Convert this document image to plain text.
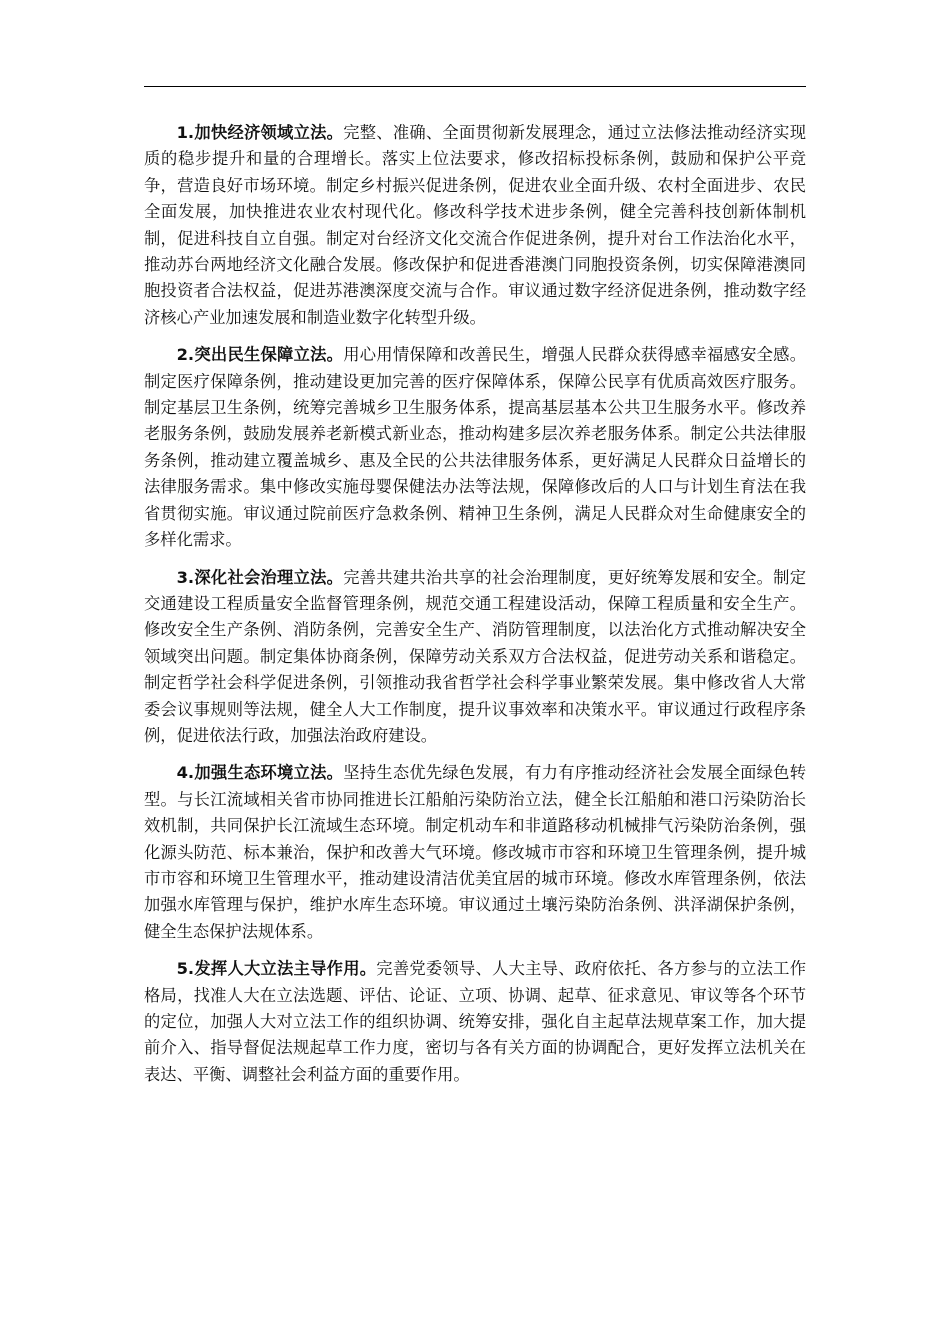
1.加快经济领域立法。完整、准确、全面贯彻新发展理念，通过立法修法推动经济实现质的稳步提升和量的合理增长。落实上位法要求，修改招标投标条例，鼓励和保护公平竞争，营造良好市场环境。制定乡村振兴促进条例，促进农业全面升级、农村全面进步、农民全面发展，加快推进农业农村现代化。修改科学技术进步条例，健全完善科技创新体制机制，促进科技自立自强。制定对台经济文化交流合作促进条例，提升对台工作法治化水平，推动苏台两地经济文化融合发展。修改保护和促进香港澳门同胞投资条例，切实保障港澳同胞投资者合法权益，促进苏港澳深度交流与合作。审议通过数字经济促进条例，推动数字经济核心产业加速发展和制造业数字化转型升级。

2.突出民生保障立法。用心用情保障和改善民生，增强人民群众获得感幸福感安全感。制定医疗保障条例，推动建设更加完善的医疗保障体系，保障公民享有优质高效医疗服务。制定基层卫生条例，统筹完善城乡卫生服务体系，提高基层基本公共卫生服务水平。修改养老服务条例，鼓励发展养老新模式新业态，推动构建多层次养老服务体系。制定公共法律服务条例，推动建立覆盖城乡、惠及全民的公共法律服务体系，更好满足人民群众日益增长的法律服务需求。集中修改实施母婴保健法办法等法规，保障修改后的人口与计划生育法在我省贯彻实施。审议通过院前医疗急救条例、精神卫生条例，满足人民群众对生命健康安全的多样化需求。

3.深化社会治理立法。完善共建共治共享的社会治理制度，更好统筹发展和安全。制定交通建设工程质量安全监督管理条例，规范交通工程建设活动，保障工程质量和安全生产。修改安全生产条例、消防条例，完善安全生产、消防管理制度，以法治化方式推动解决安全领域突出问题。制定集体协商条例，保障劳动关系双方合法权益，促进劳动关系和谐稳定。制定哲学社会科学促进条例，引领推动我省哲学社会科学事业繁荣发展。集中修改省人大常委会议事规则等法规，健全人大工作制度，提升议事效率和决策水平。审议通过行政程序条例，促进依法行政，加强法治政府建设。

4.加强生态环境立法。坚持生态优先绿色发展，有力有序推动经济社会发展全面绿色转型。与长江流域相关省市协同推进长江船舶污染防治立法，健全长江船舶和港口污染防治长效机制，共同保护长江流域生态环境。制定机动车和非道路移动机械排气污染防治条例，强化源头防范、标本兼治，保护和改善大气环境。修改城市市容和环境卫生管理条例，提升城市市容和环境卫生管理水平，推动建设清洁优美宜居的城市环境。修改水库管理条例，依法加强水库管理与保护，维护水库生态环境。审议通过土壤污染防治条例、洪泽湖保护条例，健全生态保护法规体系。

5.发挥人大立法主导作用。完善党委领导、人大主导、政府依托、各方参与的立法工作格局，找准人大在立法选题、评估、论证、立项、协调、起草、征求意见、审议等各个环节的定位，加强人大对立法工作的组织协调、统筹安排，强化自主起草法规草案工作，加大提前介入、指导督促法规起草工作力度，密切与各有关方面的协调配合，更好发挥立法机关在表达、平衡、调整社会利益方面的重要作用。
